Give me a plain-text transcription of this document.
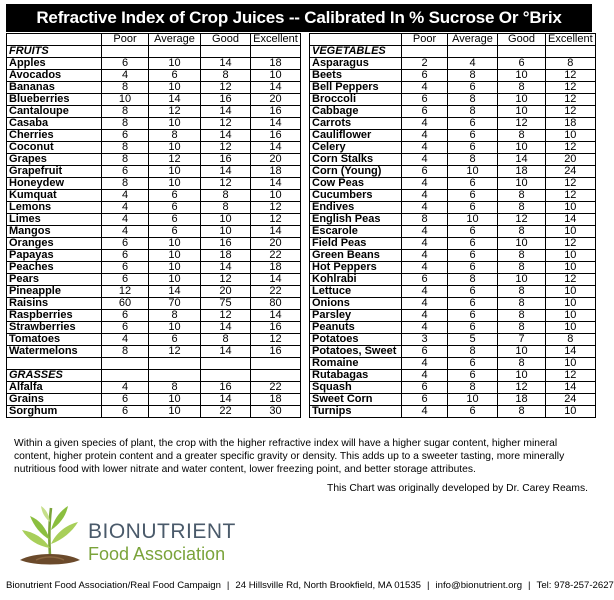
Refractive Index of Crop Juices -- Calibrated In % Sucrose Or °Brix
	Poor	Average	Good	Excellent
FRUITS				
Apples	6	10	14	18
Avocados	4	6	8	10
Bananas	8	10	12	14
Blueberries	10	14	16	20
Cantaloupe	8	12	14	16
Casaba	8	10	12	14
Cherries	6	8	14	16
Coconut	8	10	12	14
Grapes	8	12	16	20
Grapefruit	6	10	14	18
Honeydew	8	10	12	14
Kumquat	4	6	8	10
Lemons	4	6	8	12
Limes	4	6	10	12
Mangos	4	6	10	14
Oranges	6	10	16	20
Papayas	6	10	18	22
Peaches	6	10	14	18
Pears	6	10	12	14
Pineapple	12	14	20	22
Raisins	60	70	75	80
Raspberries	6	8	12	14
Strawberries	6	10	14	16
Tomatoes	4	6	8	12
Watermelons	8	12	14	16

GRASSES				
Alfalfa	4	8	16	22
Grains	6	10	14	18
Sorghum	6	10	22	30
	Poor	Average	Good	Excellent
VEGETABLES				
Asparagus	2	4	6	8
Beets	6	8	10	12
Bell Peppers	4	6	8	12
Broccoli	6	8	10	12
Cabbage	6	8	10	12
Carrots	4	6	12	18
Cauliflower	4	6	8	10
Celery	4	6	10	12
Corn Stalks	4	8	14	20
Corn (Young)	6	10	18	24
Cow Peas	4	6	10	12
Cucumbers	4	6	8	12
Endives	4	6	8	10
English Peas	8	10	12	14
Escarole	4	6	8	10
Field Peas	4	6	10	12
Green Beans	4	6	8	10
Hot Peppers	4	6	8	10
Kohlrabi	6	8	10	12
Lettuce	4	6	8	10
Onions	4	6	8	10
Parsley	4	6	8	10
Peanuts	4	6	8	10
Potatoes	3	5	7	8
Potatoes, Sweet	6	8	10	14
Romaine	4	6	8	10
Rutabagas	4	6	10	12
Squash	6	8	12	14
Sweet Corn	6	10	18	24
Turnips	4	6	8	10
Within a given species of plant, the crop with the higher refractive index will have a higher sugar content, higher mineral content, higher protein content and a greater specific gravity or density. This adds up to a sweeter tasting, more minerally nutritious food with lower nitrate and water content, lower freezing point, and better storage attributes.
This Chart was originally developed by Dr. Carey Reams.
BIONUTRIENT
Food Association
Bionutrient Food Association/Real Food Campaign | 24 Hillsville Rd, North Brookfield, MA 01535 | info@bionutrient.org | Tel: 978-257-2627
